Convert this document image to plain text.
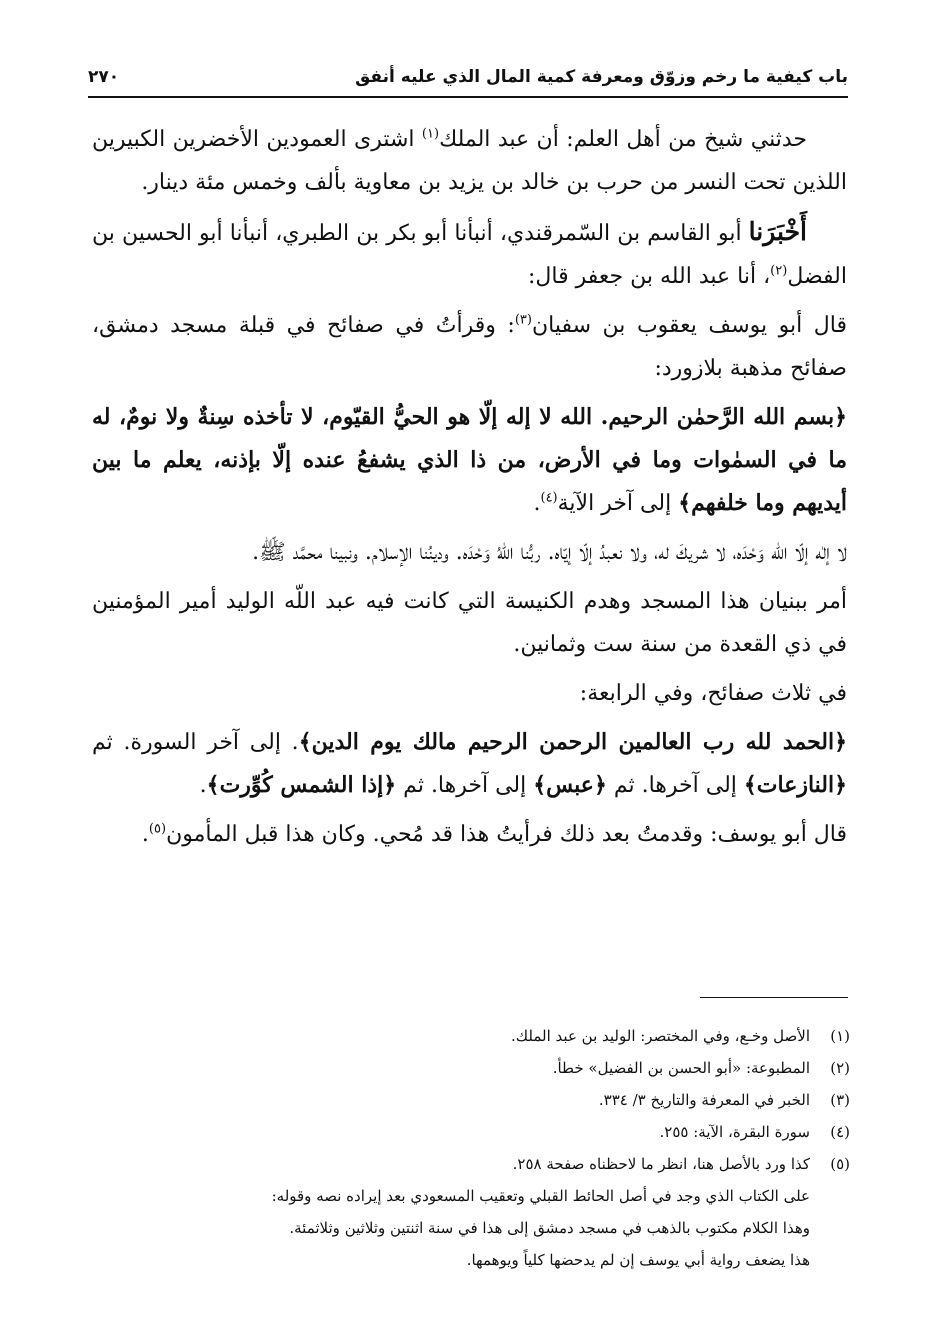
باب كيفية ما رخم وزوّق ومعرفة كمية المال الذي عليه أنفق
٢٧٠

حدثني شيخ من أهل العلم: أن عبد الملك$^{(١)}$ اشترى العمودين الأخضرين الكبيرين اللذين تحت النسر من حرب بن خالد بن يزيد بن معاوية بألف وخمس مئة دينار.

أَخْبَرَنا أبو القاسم بن السّمرقندي، أنبأنا أبو بكر بن الطبري، أنبأنا أبو الحسين بن الفضل$^{(٢)}$، أنا عبد الله بن جعفر قال:

قال أبو يوسف يعقوب بن سفيان$^{(٣)}$: وقرأتُ في صفائح في قبلة مسجد دمشق، صفائح مذهبة بلازورد:

﴿بسم الله الرَّحمٰن الرحيم. الله لا إله إلّا هو الحيُّ القيّوم، لا تأخذه سِنةٌ ولا نومٌ، له ما في السمٰوات وما في الأرض، من ذا الذي يشفعُ عنده إلّا بإذنه، يعلم ما بين أيديهم وما خلفهم﴾ إلى آخر الآية$^{(٤)}$.

لا إلٰه إلّا الله وَحْدَه، لا شريكَ له، ولا نعبدُ إلّا إيّاه. ربُّنا اللّهُ وَحْدَه. ودينُنا الإسلام. ونبينا محمَّد ﷺ.

أمر ببنيان هذا المسجد وهدم الكنيسة التي كانت فيه عبد اللّه الوليد أمير المؤمنين في ذي القعدة من سنة ست وثمانين.

في ثلاث صفائح، وفي الرابعة:

﴿الحمد لله رب العالمين الرحمن الرحيم مالك يوم الدين﴾. إلى آخر السورة. ثم ﴿النازعات﴾ إلى آخرها. ثم ﴿عبس﴾ إلى آخرها. ثم ﴿إذا الشمس كُوِّرت﴾.

قال أبو يوسف: وقدمتُ بعد ذلك فرأيتُ هذا قد مُحي. وكان هذا قبل المأمون$^{(٥)}$.

(١)
الأصل وخـع، وفي المختصر: الوليد بن عبد الملك.
(٢)
المطبوعة: «أبو الحسن بن الفضيل» خطأ.
(٣)
الخبر في المعرفة والتاريخ ٣/ ٣٣٤.
(٤)
سورة البقرة، الآية: ٢٥٥.
(٥)
كذا ورد بالأصل هنا، انظر ما لاحظناه صفحة ٢٥٨.
على الكتاب الذي وجد في أصل الحائط القبلي وتعقيب المسعودي بعد إيراده نصه وقوله:
وهذا الكلام مكتوب بالذهب في مسجد دمشق إلى هذا في سنة اثنتين وثلاثين وثلاثمئة.
هذا يضعف رواية أبي يوسف إن لم يدحضها كلياً ويوهمها.
